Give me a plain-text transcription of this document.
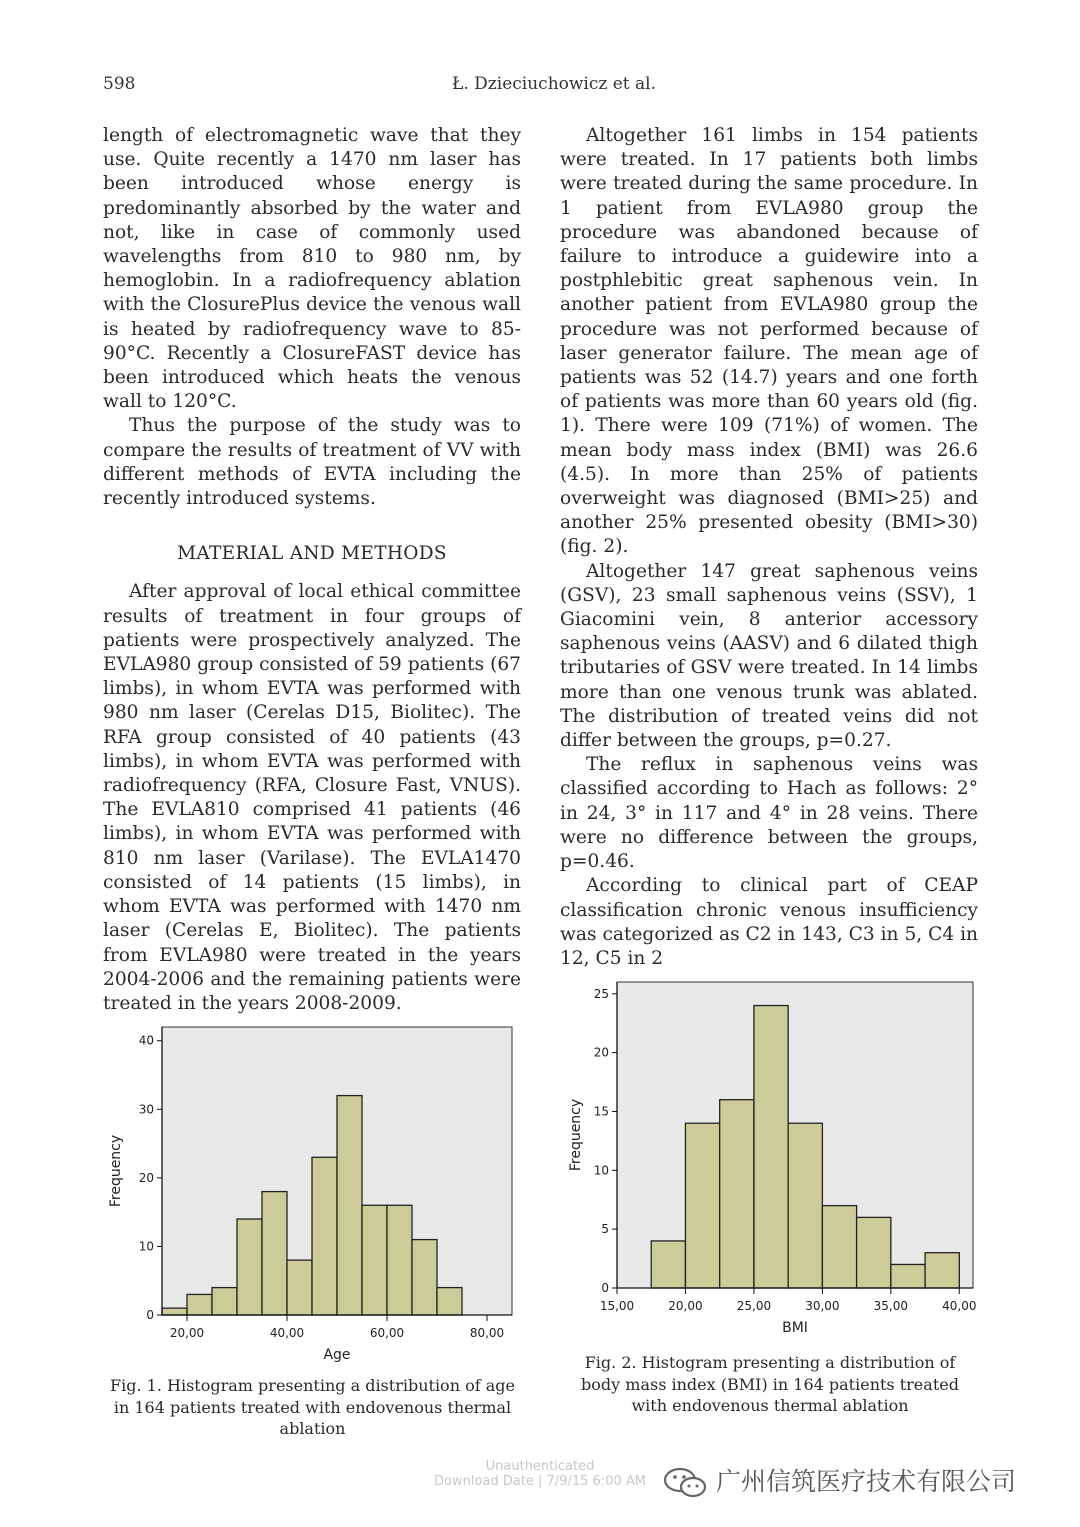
598	Ł. Dzieciuchowicz et al.

length of electromagnetic wave that they use. Quite recently a 1470 nm laser has been introduced whose energy is predominantly absorbed by the water and not, like in case of commonly used wavelengths from 810 to 980 nm, by hemoglobin. In a radiofrequency ablation with the ClosurePlus device the venous wall is heated by radiofrequency wave to 85-90°C. Recently a ClosureFAST device has been introduced which heats the venous wall to 120°C.

Thus the purpose of the study was to compare the results of treatment of VV with different methods of EVTA including the recently introduced systems.

MATERIAL AND METHODS

After approval of local ethical committee results of treatment in four groups of patients were prospectively analyzed. The EVLA980 group consisted of 59 patients (67 limbs), in whom EVTA was performed with 980 nm laser (Cerelas D15, Biolitec). The RFA group consisted of 40 patients (43 limbs), in whom EVTA was performed with radiofrequency (RFA, Closure Fast, VNUS). The EVLA810 comprised 41 patients (46 limbs), in whom EVTA was performed with 810 nm laser (Varilase). The EVLA1470 consisted of 14 patients (15 limbs), in whom EVTA was performed with 1470 nm laser (Cerelas E, Biolitec). The patients from EVLA980 were treated in the years 2004-2006 and the remaining patients were treated in the years 2008-2009.

Altogether 161 limbs in 154 patients were treated. In 17 patients both limbs were treated during the same procedure. In 1 patient from EVLA980 group the procedure was abandoned because of failure to introduce a guidewire into a postphlebitic great saphenous vein. In another patient from EVLA980 group the procedure was not performed because of laser generator failure. The mean age of patients was 52 (14.7) years and one forth of patients was more than 60 years old (fig. 1). There were 109 (71%) of women. The mean body mass index (BMI) was 26.6 (4.5). In more than 25% of patients overweight was diagnosed (BMI>25) and another 25% presented obesity (BMI>30) (fig. 2).

Altogether 147 great saphenous veins (GSV), 23 small saphenous veins (SSV), 1 Giacomini vein, 8 anterior accessory saphenous veins (AASV) and 6 dilated thigh tributaries of GSV were treated. In 14 limbs more than one venous trunk was ablated. The distribution of treated veins did not differ between the groups, p=0.27.

The reflux in saphenous veins was classified according to Hach as follows: 2° in 24, 3° in 117 and 4° in 28 veins. There were no difference between the groups, p=0.46.

According to clinical part of CEAP classification chronic venous insufficiency was categorized as C2 in 143, C3 in 5, C4 in 12, C5 in 2

0
10
20
30
40
20,00	40,00	60,00	80,00
Age
Frequency
0
5
10
15
20
25
15,00	20,00	25,00	30,00	35,00	40,00
BMI
Frequency
Fig. 1. Histogram presenting a distribution of age in 164 patients treated with endovenous thermal ablation
Fig. 2. Histogram presenting a distribution of body mass index (BMI) in 164 patients treated with endovenous thermal ablation
Unauthenticated
Download Date | 7/9/15 6:00 AM	广州信筑医疗技术有限公司
